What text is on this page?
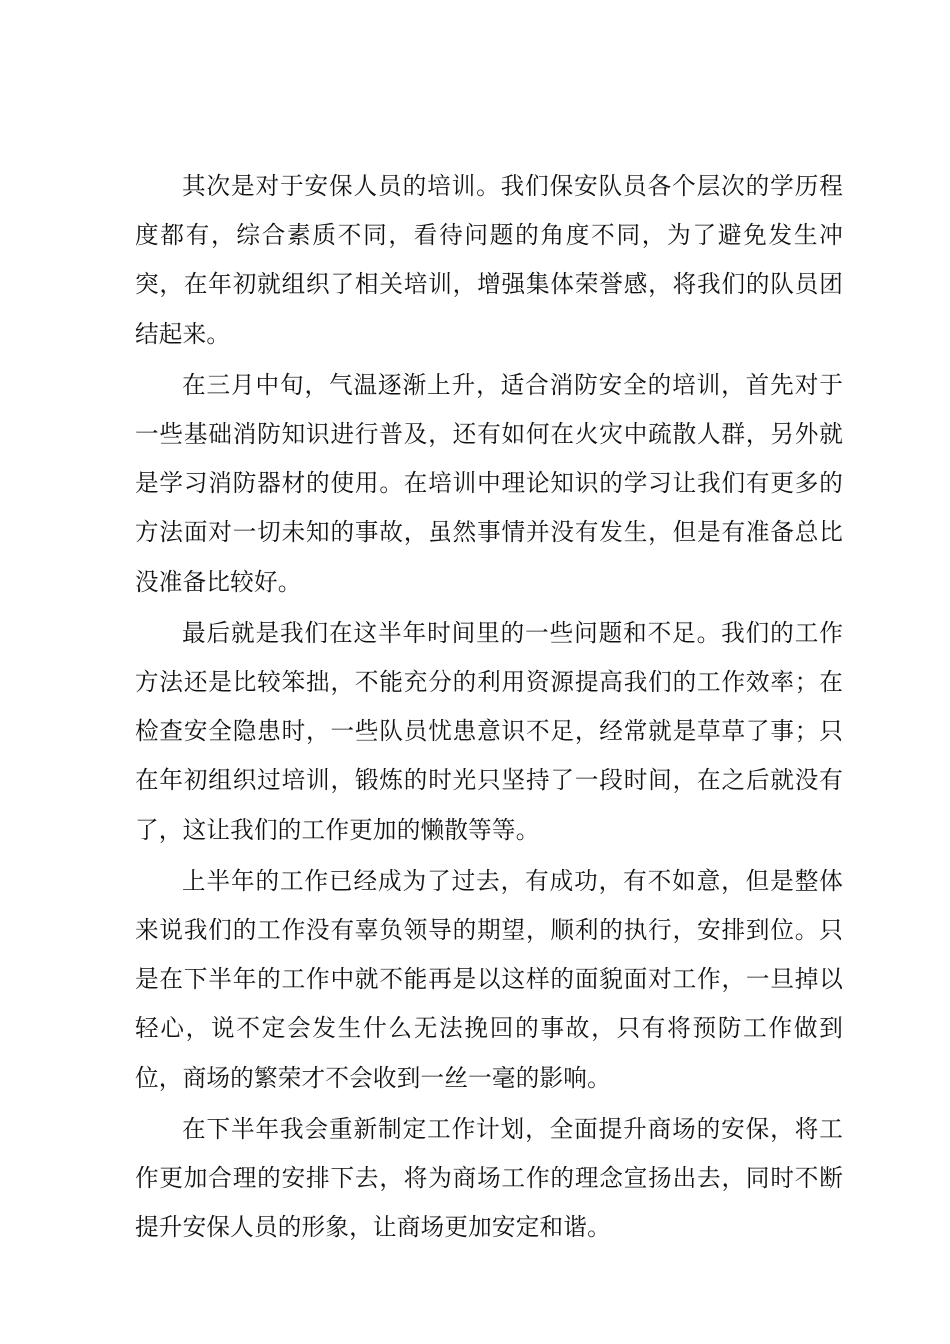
其次是对于安保人员的培训。我们保安队员各个层次的学历程度都有，综合素质不同，看待问题的角度不同，为了避免发生冲突，在年初就组织了相关培训，增强集体荣誉感，将我们的队员团结起来。

在三月中旬，气温逐渐上升，适合消防安全的培训，首先对于一些基础消防知识进行普及，还有如何在火灾中疏散人群，另外就是学习消防器材的使用。在培训中理论知识的学习让我们有更多的方法面对一切未知的事故，虽然事情并没有发生，但是有准备总比没准备比较好。

最后就是我们在这半年时间里的一些问题和不足。我们的工作方法还是比较笨拙，不能充分的利用资源提高我们的工作效率；在检查安全隐患时，一些队员忧患意识不足，经常就是草草了事；只在年初组织过培训，锻炼的时光只坚持了一段时间，在之后就没有了，这让我们的工作更加的懒散等等。

上半年的工作已经成为了过去，有成功，有不如意，但是整体来说我们的工作没有辜负领导的期望，顺利的执行，安排到位。只是在下半年的工作中就不能再是以这样的面貌面对工作，一旦掉以轻心，说不定会发生什么无法挽回的事故，只有将预防工作做到位，商场的繁荣才不会收到一丝一毫的影响。

在下半年我会重新制定工作计划，全面提升商场的安保，将工作更加合理的安排下去，将为商场工作的理念宣扬出去，同时不断提升安保人员的形象，让商场更加安定和谐。
